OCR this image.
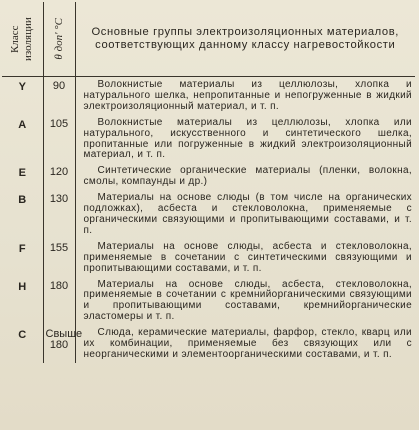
Класс изоляции	θ доп' °C	Основные группы электроизоляционных материалов, соответствующих данному классу нагревостойкости

Y	90	Волокнистые материалы из целлюлозы, хлопка и натурального шелка, непропитанные и непогруженные в жидкий электроизоляционный материал, и т. п.

A	105	Волокнистые материалы из целлюлозы, хлопка или натурального, искусственного и синтетического шелка, пропитанные или погруженные в жидкий электроизоляционный материал, и т. п.

E	120	Синтетические органические материалы (пленки, волокна, смолы, компаунды и др.)

B	130	Материалы на основе слюды (в том числе на органических подложках), асбеста и стекловолокна, применяемые с органическими связующими и пропитывающими составами, и т. п.

F	155	Материалы на основе слюды, асбеста и стекловолокна, применяемые в сочетании с синтетическими связующими и пропитывающими составами, и т. п.

H	180	Материалы на основе слюды, асбеста, стекловолокна, применяемые в сочетании с кремнийорганическими связующими и пропитывающими составами, кремнийорганические эластомеры и т. п.

C	Свыше 180	Слюда, керамические материалы, фарфор, стекло, кварц или их комбинации, применяемые без связующих или с неорганическими и элементоорганическими составами, и т. п.
